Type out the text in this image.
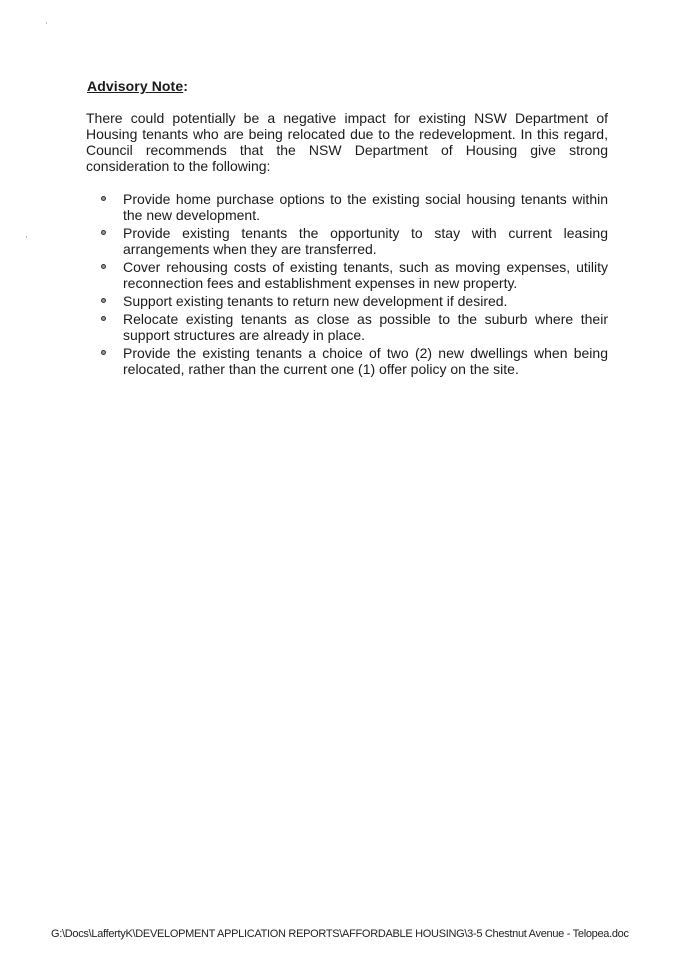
Advisory Note:

There could potentially be a negative impact for existing NSW Department of Housing tenants who are being relocated due to the redevelopment. In this regard, Council recommends that the NSW Department of Housing give strong consideration to the following:

Provide home purchase options to the existing social housing tenants within the new development.
Provide existing tenants the opportunity to stay with current leasing arrangements when they are transferred.
Cover rehousing costs of existing tenants, such as moving expenses, utility reconnection fees and establishment expenses in new property.
Support existing tenants to return new development if desired.
Relocate existing tenants as close as possible to the suburb where their support structures are already in place.
Provide the existing tenants a choice of two (2) new dwellings when being relocated, rather than the current one (1) offer policy on the site.
G:\Docs\LaffertyK\DEVELOPMENT APPLICATION REPORTS\AFFORDABLE HOUSING\3-5 Chestnut Avenue - Telopea.doc
